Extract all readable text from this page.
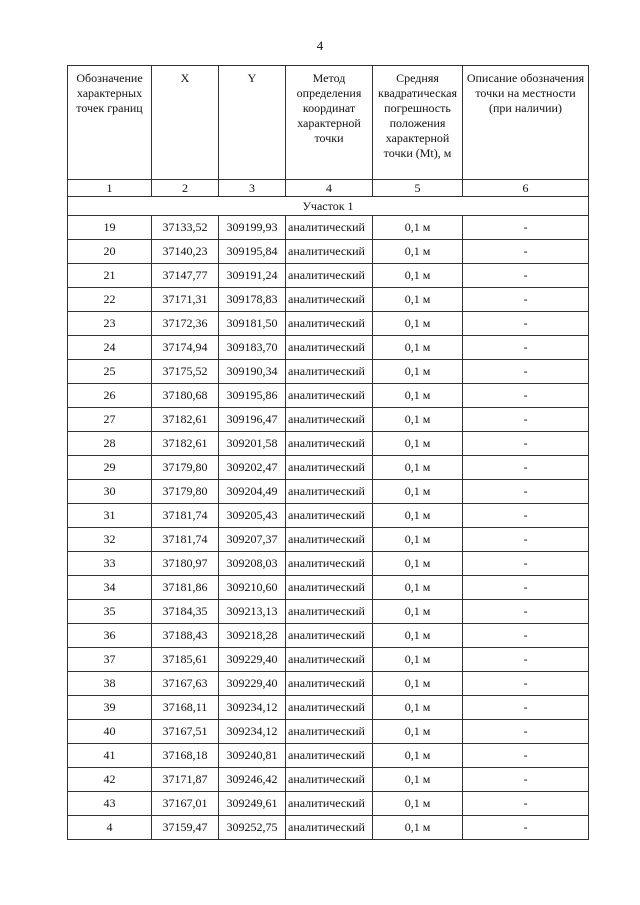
4
Обозначение характерных точек границ	X	Y	Метод определения координат характерной точки	Средняя квадратическая погрешность положения характерной точки (Mt), м	Описание обозначения точки на местности (при наличии)
1	2	3	4	5	6
Участок 1					
19	37133,52	309199,93	аналитический	0,1 м	-
20	37140,23	309195,84	аналитический	0,1 м	-
21	37147,77	309191,24	аналитический	0,1 м	-
22	37171,31	309178,83	аналитический	0,1 м	-
23	37172,36	309181,50	аналитический	0,1 м	-
24	37174,94	309183,70	аналитический	0,1 м	-
25	37175,52	309190,34	аналитический	0,1 м	-
26	37180,68	309195,86	аналитический	0,1 м	-
27	37182,61	309196,47	аналитический	0,1 м	-
28	37182,61	309201,58	аналитический	0,1 м	-
29	37179,80	309202,47	аналитический	0,1 м	-
30	37179,80	309204,49	аналитический	0,1 м	-
31	37181,74	309205,43	аналитический	0,1 м	-
32	37181,74	309207,37	аналитический	0,1 м	-
33	37180,97	309208,03	аналитический	0,1 м	-
34	37181,86	309210,60	аналитический	0,1 м	-
35	37184,35	309213,13	аналитический	0,1 м	-
36	37188,43	309218,28	аналитический	0,1 м	-
37	37185,61	309229,40	аналитический	0,1 м	-
38	37167,63	309229,40	аналитический	0,1 м	-
39	37168,11	309234,12	аналитический	0,1 м	-
40	37167,51	309234,12	аналитический	0,1 м	-
41	37168,18	309240,81	аналитический	0,1 м	-
42	37171,87	309246,42	аналитический	0,1 м	-
43	37167,01	309249,61	аналитический	0,1 м	-
4	37159,47	309252,75	аналитический	0,1 м	-
